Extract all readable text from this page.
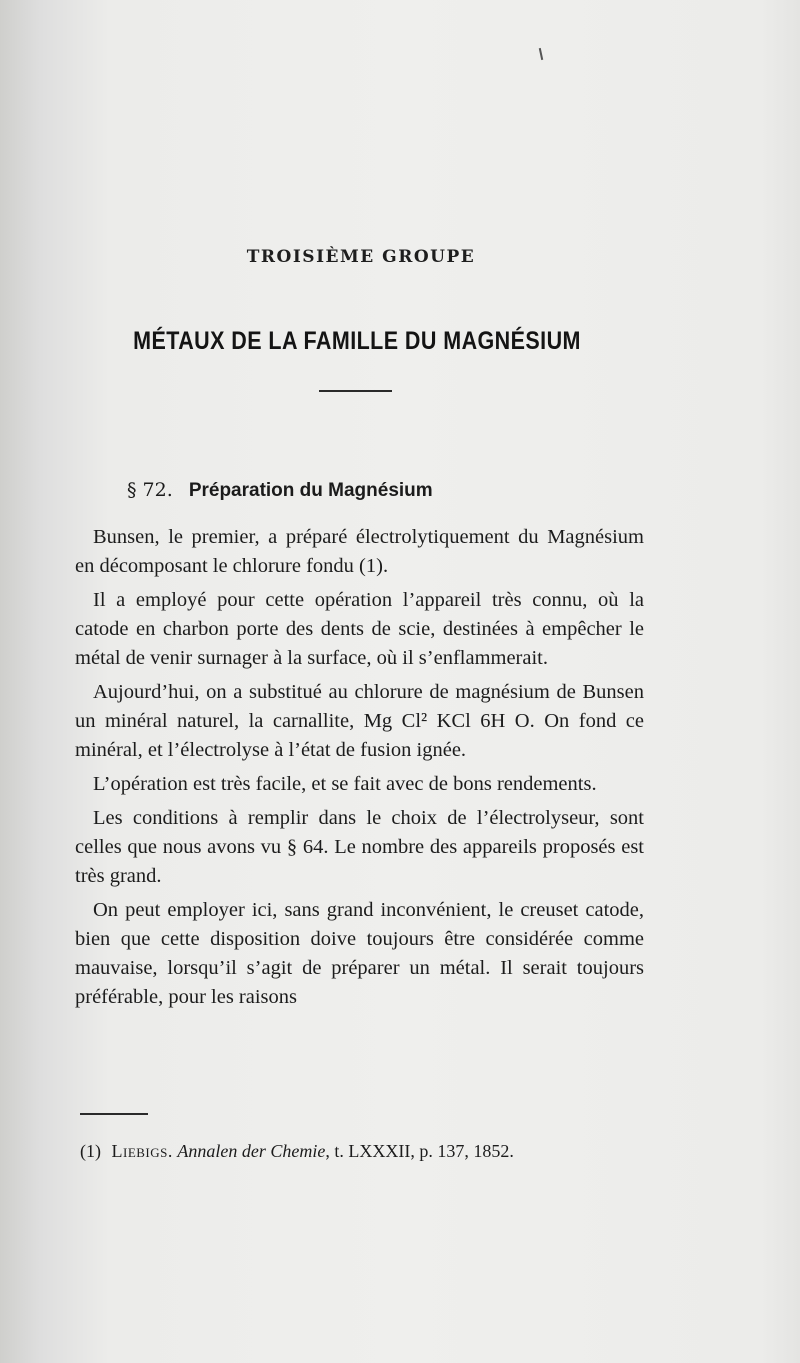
TROISIÈME GROUPE
MÉTAUX DE LA FAMILLE DU MAGNÉSIUM
§ 72. Préparation du Magnésium

Bunsen, le premier, a préparé électrolytiquement du Magnésium en décomposant le chlorure fondu (1).

Il a employé pour cette opération l’appareil très connu, où la catode en charbon porte des dents de scie, destinées à empêcher le métal de venir surnager à la surface, où il s’enflammerait.

Aujourd’hui, on a substitué au chlorure de magnésium de Bunsen un minéral naturel, la carnallite, Mg Cl² KCl 6H O. On fond ce minéral, et l’électrolyse à l’état de fusion ignée.

L’opération est très facile, et se fait avec de bons rendements.

Les conditions à remplir dans le choix de l’électrolyseur, sont celles que nous avons vu § 64. Le nombre des appareils proposés est très grand.

On peut employer ici, sans grand inconvénient, le creuset catode, bien que cette disposition doive toujours être considérée comme mauvaise, lorsqu’il s’agit de préparer un métal. Il serait toujours préférable, pour les raisons

(1) Liebigs. Annalen der Chemie, t. LXXXII, p. 137, 1852.
